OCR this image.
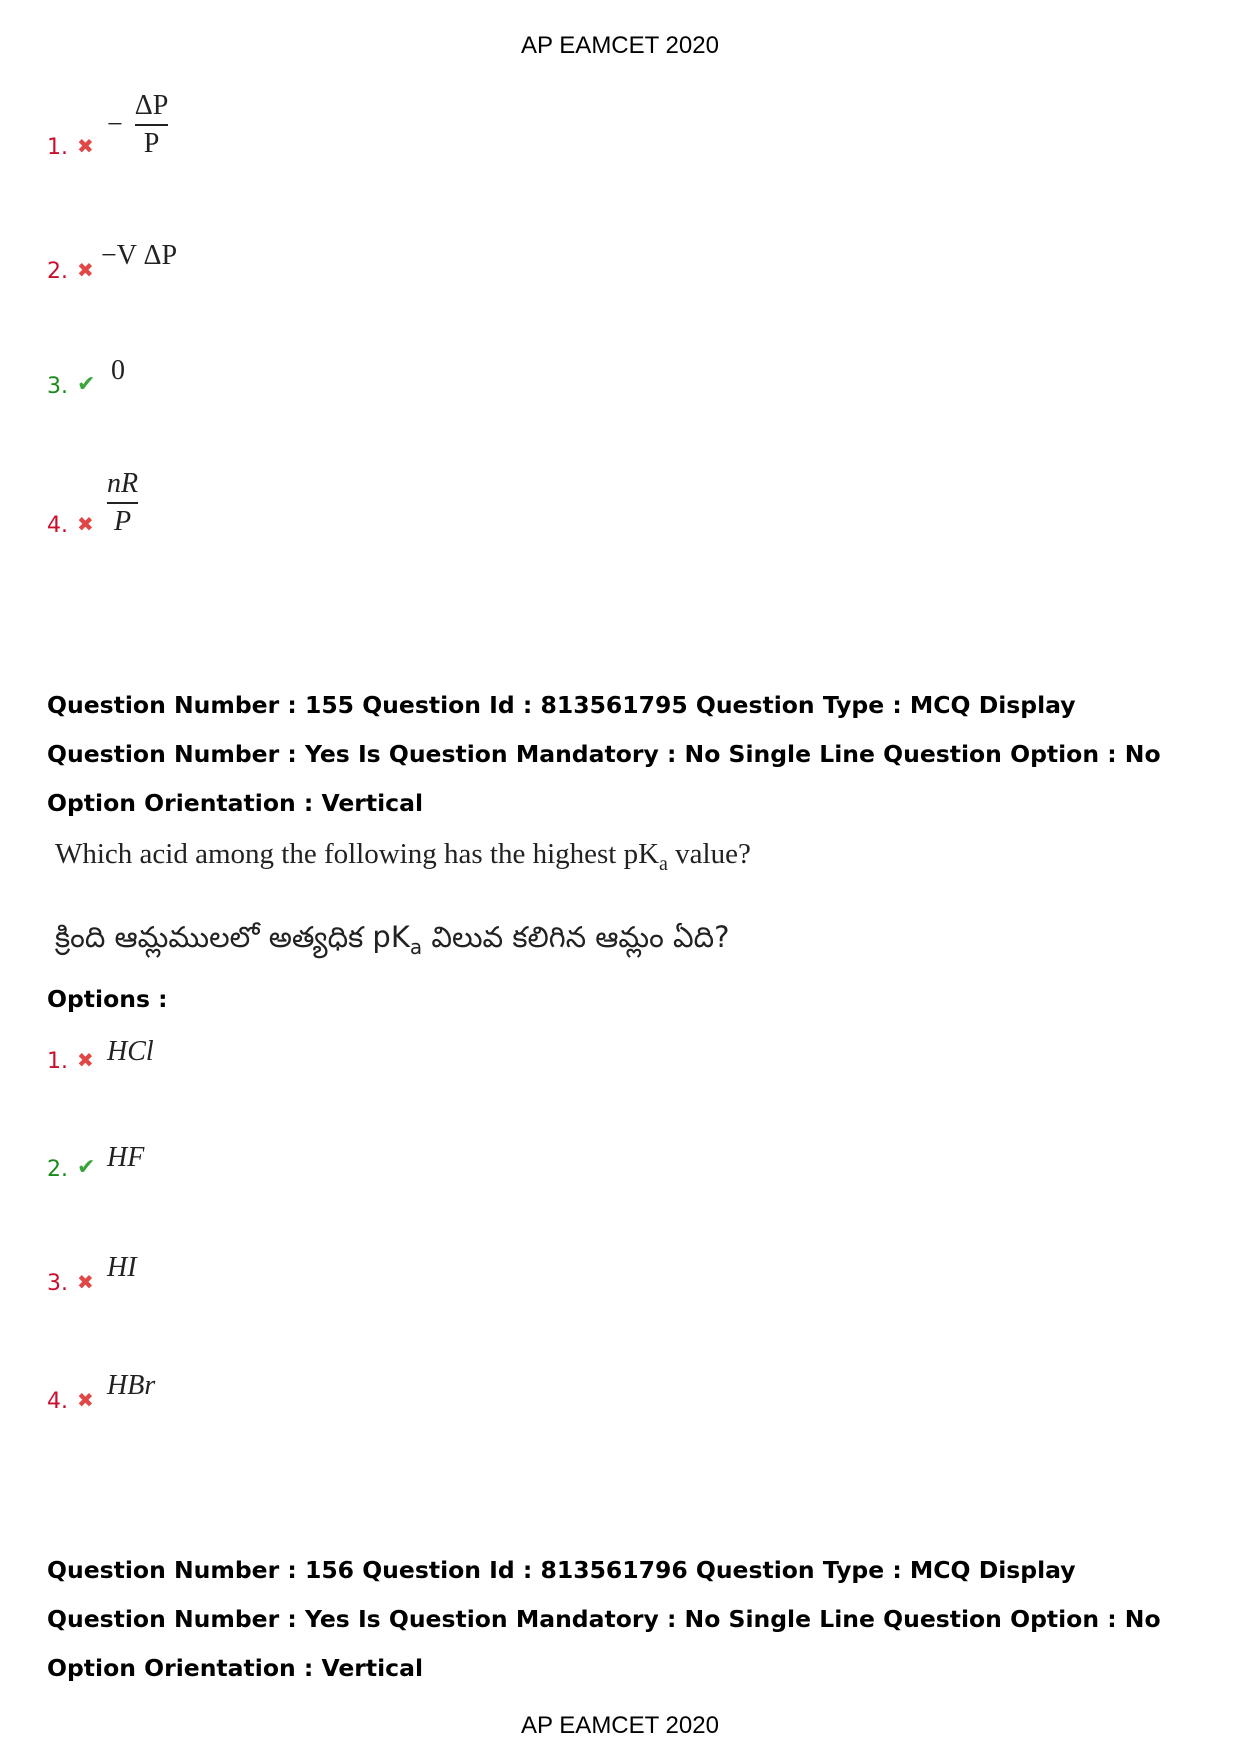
AP EAMCET 2020
1. ✖
− $\frac{\Delta P}{P}$
2. ✖ −V ΔP
3. ✔ 0
4. ✖ $\frac{nR}{P}$

Question Number : 155 Question Id : 813561795 Question Type : MCQ Display Question Number : Yes Is Question Mandatory : No Single Line Question Option : No Option Orientation : Vertical

Which acid among the following has the highest $pK_a$ value?
క్రింది ఆమ్లములలో అత్యధిక $pK_a$ విలువ కలిగిన ఆమ్లం ఏది?
Options :
1. ✖ HCl
2. ✔ HF
3. ✖ HI
4. ✖ HBr

Question Number : 156 Question Id : 813561796 Question Type : MCQ Display Question Number : Yes Is Question Mandatory : No Single Line Question Option : No Option Orientation : Vertical

AP EAMCET 2020
